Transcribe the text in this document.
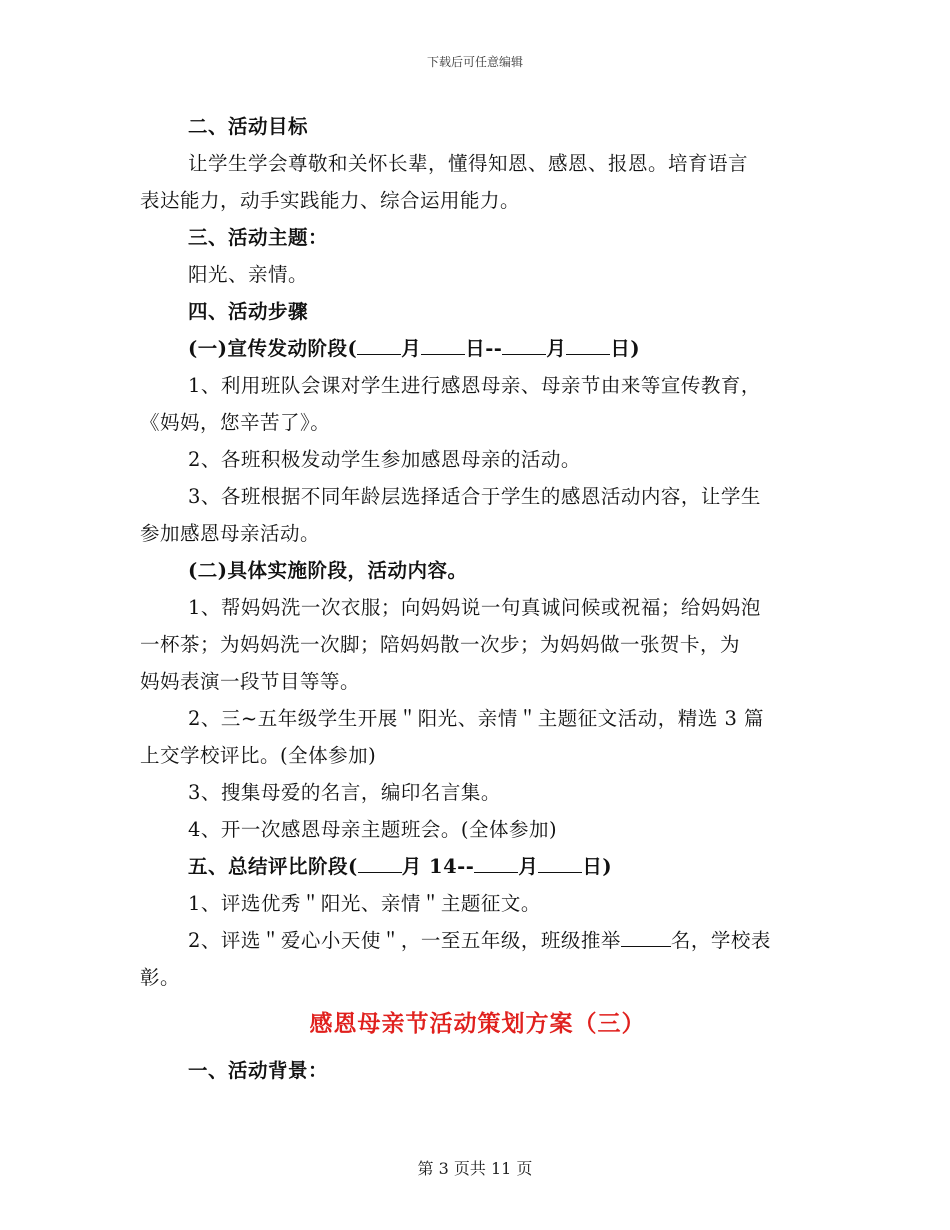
下载后可任意编辑
二、活动目标
让学生学会尊敬和关怀长辈，懂得知恩、感恩、报恩。培育语言
表达能力，动手实践能力、综合运用能力。
三、活动主题：
阳光、亲情。
四、活动步骤
(一)宣传发动阶段( 月 日-- 月 日)
1、利用班队会课对学生进行感恩母亲、母亲节由来等宣传教育，
《妈妈，您辛苦了》。
2、各班积极发动学生参加感恩母亲的活动。
3、各班根据不同年龄层选择适合于学生的感恩活动内容，让学生
参加感恩母亲活动。
(二)具体实施阶段，活动内容。
1、帮妈妈洗一次衣服；向妈妈说一句真诚问候或祝福；给妈妈泡
一杯茶；为妈妈洗一次脚；陪妈妈散一次步；为妈妈做一张贺卡，为
妈妈表演一段节目等等。
2、三~五年级学生开展＂阳光、亲情＂主题征文活动，精选 3 篇
上交学校评比。(全体参加)
3、搜集母爱的名言，编印名言集。
4、开一次感恩母亲主题班会。(全体参加)
五、总结评比阶段( 月 14-- 月 日)
1、评选优秀＂阳光、亲情＂主题征文。
2、评选＂爱心小天使＂，一至五年级，班级推举	名，学校表
彰。
感恩母亲节活动策划方案（三）
一、活动背景：
第 3 页共 11 页
